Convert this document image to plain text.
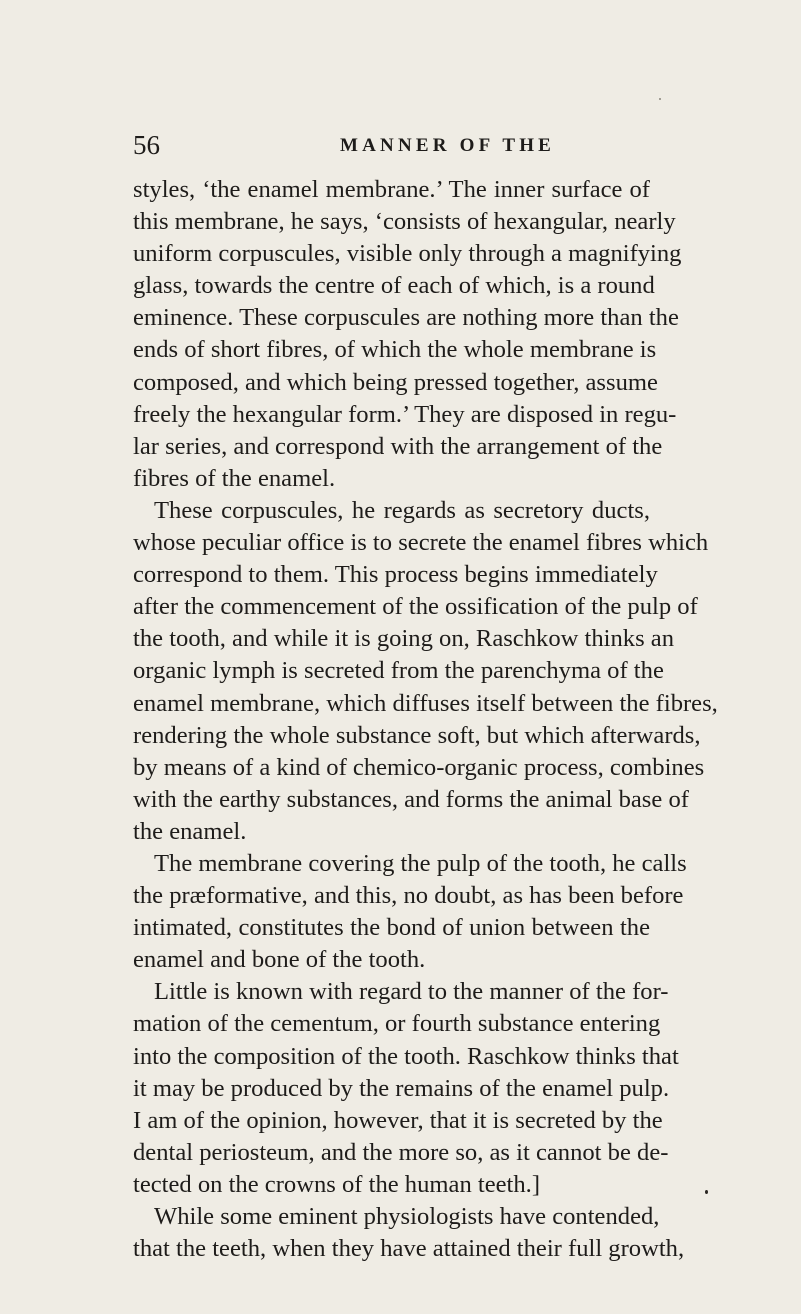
56	MANNER OF THE
styles, ‘the enamel membrane.’ The inner surface of
this membrane, he says, ‘consists of hexangular, nearly
uniform corpuscules, visible only through a magnifying
glass, towards the centre of each of which, is a round
eminence. These corpuscules are nothing more than the
ends of short fibres, of which the whole membrane is
composed, and which being pressed together, assume
freely the hexangular form.’ They are disposed in regu-
lar series, and correspond with the arrangement of the
fibres of the enamel.
These corpuscules, he regards as secretory ducts,
whose peculiar office is to secrete the enamel fibres which
correspond to them. This process begins immediately
after the commencement of the ossification of the pulp of
the tooth, and while it is going on, Raschkow thinks an
organic lymph is secreted from the parenchyma of the
enamel membrane, which diffuses itself between the fibres,
rendering the whole substance soft, but which afterwards,
by means of a kind of chemico-organic process, combines
with the earthy substances, and forms the animal base of
the enamel.
The membrane covering the pulp of the tooth, he calls
the præformative, and this, no doubt, as has been before
intimated, constitutes the bond of union between the
enamel and bone of the tooth.
Little is known with regard to the manner of the for-
mation of the cementum, or fourth substance entering
into the composition of the tooth. Raschkow thinks that
it may be produced by the remains of the enamel pulp.
I am of the opinion, however, that it is secreted by the
dental periosteum, and the more so, as it cannot be de-
tected on the crowns of the human teeth.]
While some eminent physiologists have contended,
that the teeth, when they have attained their full growth,
